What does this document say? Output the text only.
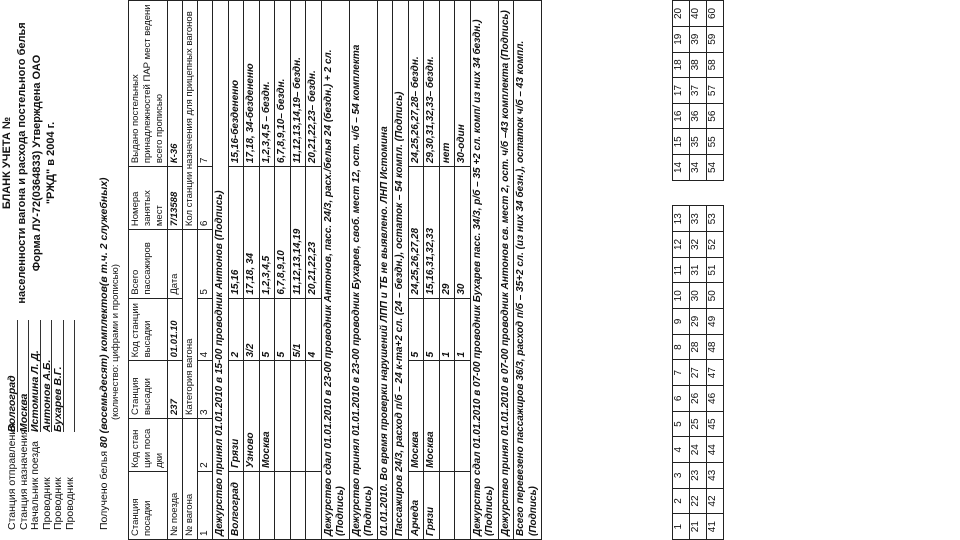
БЛАНК УЧЕТА № населенности вагона и расхода постельного белья Форма ЛУ-72(0364833) Утверждена ОАО "РЖД" в 2004 г.
Станция отправления
Волгоград
Станция назначения
Москва
Начальник поезда
Истомина Л. Д.
Проводник
Антонов А.Б.
Проводник
Бухарев В.Г.
Проводник Получено белья 80 (восемьдесят) комплектов(в т.ч. 2 служебных) (количество: цифрами и прописью)
Станция посадки	Код стан ции поса дки	Станция высадки	Код станции высадки	Всего пассажиров	Номера занятых мест	Выдано постельных принадлежностей ПАР мест ведени всего прописью
№ поезда		237	01.01.10	Дата	7/13588	К-36
№ вагона		Категория вагона			Кол станции назначения для прицепных вагонов	
1	2	3	4	5	6	7
Дежурство принял 01.01.2010 в 15-00 проводник Антонов (Подпись)						
Волгоград	Грязи		2	15,16		15,16-бездененю
	Узново		3/2	17,18, 34		17,18, 34-бездененю
	Москва		5	1,2,3,4,5		1,2,3,4,5 – бездн.
			5	6,7,8,9,10		6,7,8,9,10– бездн.
			5/1	11,12,13,14,19		11,12,13,14,19– бездн.
			4	20,21,22,23		20,21,22,23– бездн.
Дежурство сдал 01.01.2010 в 23-00 проводник Антонов, пасс. 24/3, расх./белья 24 (бездн.) + 2 сл. (Подпись)						
Дежурство принял 01.01.2010 в 23-00 проводник Бухарев, своб. мест 12, ост. ч/б – 54 комплекта (Подпись)						
01.01.2010. Во время проверки нарушений ЛПП и ТБ не выявлено. ЛНП Истомина						
Пассажиров 24/3, расход п/б – 24 к-та+2 сл. (24 – бездн.), остаток – 54 компл. (Подпись)						
Арчеда	Москва		5	24,25,26,27,28		24,25,26,27,28– бездн.
Грязи	Москва		5	15,16,31,32,33		29,30,31,32,33– бездн.
			1	29		нет
			1	30		30-один
Дежурство сдал 01.01.2010 в 07-00 проводник Бухарев пасс. 34/3, р/б – 35 +2 сл. комп/ из них 34 бездн.) (Подпись)						
Дежурство принял 01.01.2010 в 07-00 проводник Антонов св. мест 2, ост. ч/б –43 комплекта (Подпись)						
Всего перевезено пассажиров 36/3, расход п/б – 35+2 сл. (из них 34 безн.), остаток ч/б – 43 компл. (Подпись)							1	2	3	4	5	6	7	8	9	10	11	12	13		14	15	16	17	18	19	20
21	22	23	24	25	26	27	28	29	30	31	32	33		34	35	36	37	38	39	40
41	42	43	44	45	46	47	48	49	50	51	52	53		54	55	56	57	58	59	60
